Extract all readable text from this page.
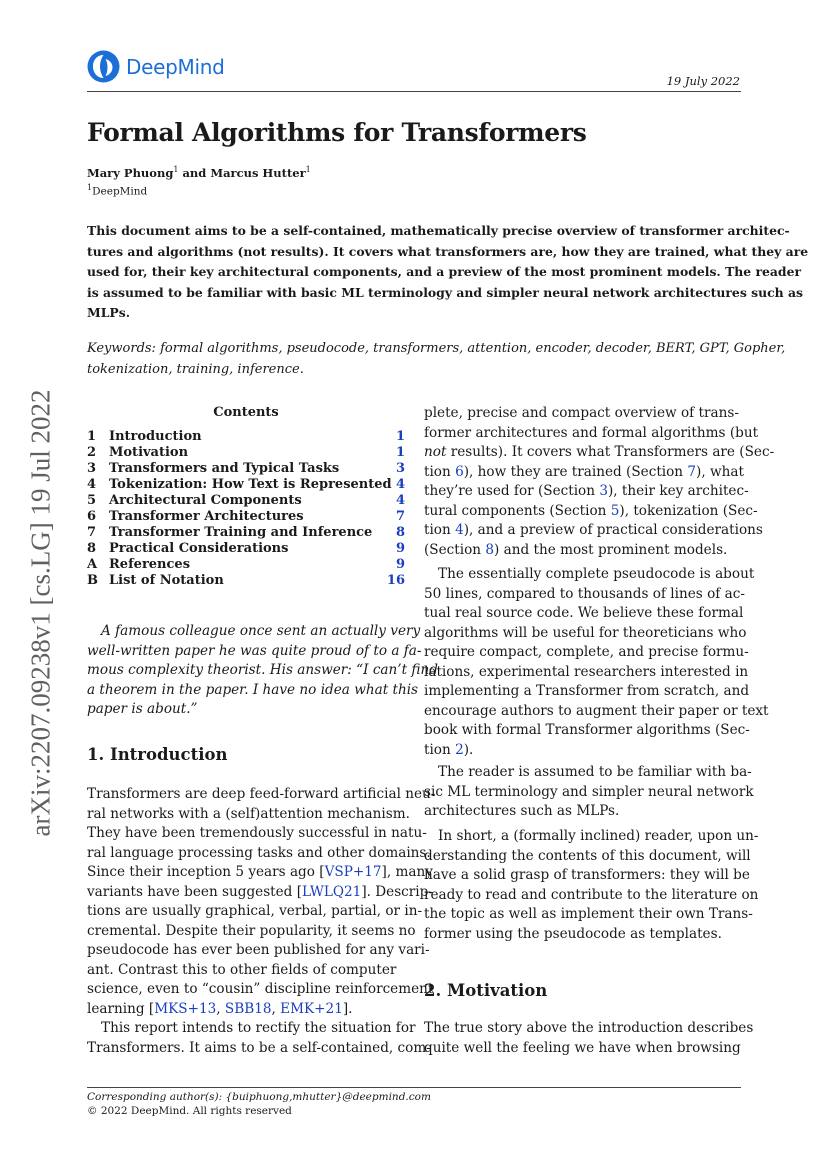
DeepMind
19 July 2022
arXiv:2207.09238v1 [cs.LG] 19 Jul 2022
Formal Algorithms for Transformers
Mary Phuong$^1$ and Marcus Hutter$^1$
$^1$DeepMind
This document aims to be a self-contained, mathematically precise overview of transformer architec-
tures and algorithms (not results). It covers what transformers are, how they are trained, what they are
used for, their key architectural components, and a preview of the most prominent models. The reader
is assumed to be familiar with basic ML terminology and simpler neural network architectures such as
MLPs.
Keywords: formal algorithms, pseudocode, transformers, attention, encoder, decoder, BERT, GPT, Gopher,
tokenization, training, inference.
Contents
1 Introduction	1
2 Motivation	1
3 Transformers and Typical Tasks	3
4 Tokenization: How Text is Represented 4
5 Architectural Components	4
6 Transformer Architectures	7
7 Transformer Training and Inference	8
8 Practical Considerations	9
A References	9
B List of Notation	16
A famous colleague once sent an actually very
well-written paper he was quite proud of to a fa-
mous complexity theorist. His answer: “I can’t find
a theorem in the paper. I have no idea what this
paper is about.”
1. Introduction
Transformers are deep feed-forward artificial neu-
ral networks with a (self)attention mechanism.
They have been tremendously successful in natu-
ral language processing tasks and other domains.
Since their inception 5 years ago [VSP+17], many
variants have been suggested [LWLQ21]. Descrip-
tions are usually graphical, verbal, partial, or in-
cremental. Despite their popularity, it seems no
pseudocode has ever been published for any vari-
ant. Contrast this to other fields of computer
science, even to “cousin” discipline reinforcement
learning [MKS+13, SBB18, EMK+21].
This report intends to rectify the situation for
Transformers. It aims to be a self-contained, com-
plete, precise and compact overview of trans-
former architectures and formal algorithms (but
not results). It covers what Transformers are (Sec-
tion 6), how they are trained (Section 7), what
they’re used for (Section 3), their key architec-
tural components (Section 5), tokenization (Sec-
tion 4), and a preview of practical considerations
(Section 8) and the most prominent models.
The essentially complete pseudocode is about
50 lines, compared to thousands of lines of ac-
tual real source code. We believe these formal
algorithms will be useful for theoreticians who
require compact, complete, and precise formu-
lations, experimental researchers interested in
implementing a Transformer from scratch, and
encourage authors to augment their paper or text
book with formal Transformer algorithms (Sec-
tion 2).
The reader is assumed to be familiar with ba-
sic ML terminology and simpler neural network
architectures such as MLPs.
In short, a (formally inclined) reader, upon un-
derstanding the contents of this document, will
have a solid grasp of transformers: they will be
ready to read and contribute to the literature on
the topic as well as implement their own Trans-
former using the pseudocode as templates.
2. Motivation
The true story above the introduction describes
quite well the feeling we have when browsing
Corresponding author(s): {buiphuong,mhutter}@deepmind.com
© 2022 DeepMind. All rights reserved
